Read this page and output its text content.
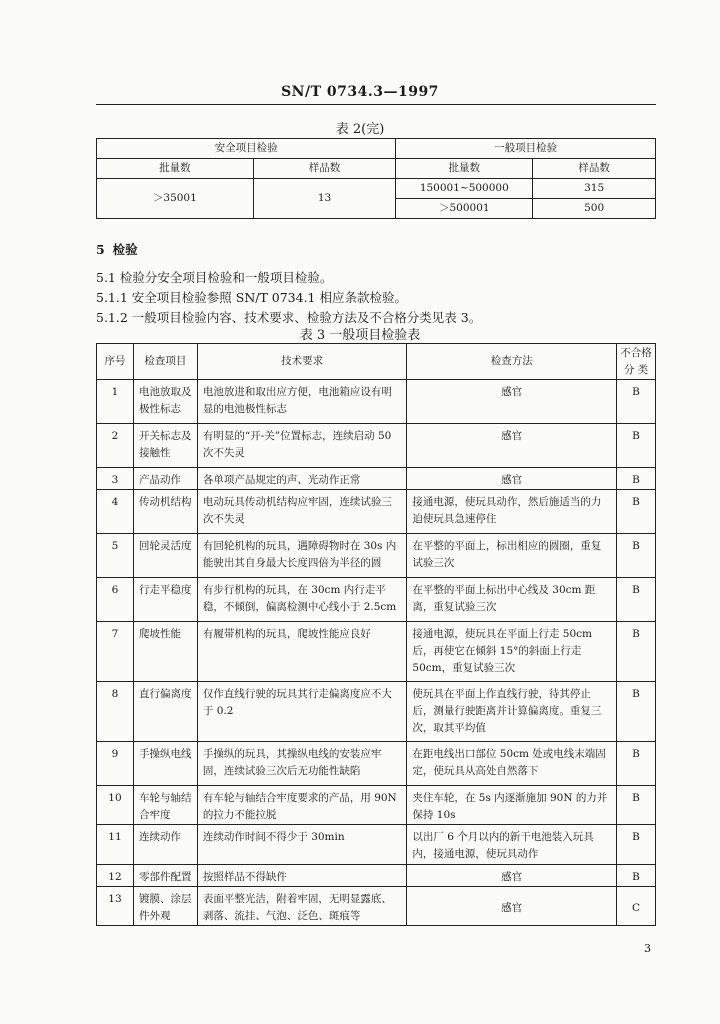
SN/T 0734.3—1997
表 2(完)
安全项目检验		一般项目检验	
批量数	样品数	批量数	样品数
＞35001	13	150001~500000	315
		＞500001	500
5 检验
5.1 检验分安全项目检验和一般项目检验。
5.1.1 安全项目检验参照 SN/T 0734.1 相应条款检验。
5.1.2 一般项目检验内容、技术要求、检验方法及不合格分类见表 3。
表 3 一般项目检验表
序号	检查项目	技术要求	检查方法	不合格分 类
1	电池放取及极性标志	电池放进和取出应方便，电池箱应设有明显的电池极性标志	感官	B
2	开关标志及接触性	有明显的“开-关”位置标志，连续启动 50 次不失灵	感官	B
3	产品动作	各单项产品规定的声、光动作正常	感官	B
4	传动机结构	电动玩具传动机结构应牢固，连续试验三次不失灵	接通电源，使玩具动作，然后施适当的力迫使玩具急速停住	B
5	回轮灵活度	有回轮机构的玩具，遇障碍物时在 30s 内能驶出其自身最大长度四倍为半径的圆	在平整的平面上，标出相应的圆圈，重复试验三次	B
6	行走平稳度	有步行机构的玩具，在 30cm 内行走平稳，不倾倒，偏离检测中心线小于 2.5cm	在平整的平面上标出中心线及 30cm 距离，重复试验三次	B
7	爬坡性能	有履带机构的玩具，爬坡性能应良好	接通电源，使玩具在平面上行走 50cm 后，再使它在倾斜 15°的斜面上行走 50cm，重复试验三次	B
8	直行偏离度	仅作直线行驶的玩具其行走偏离度应不大于 0.2	使玩具在平面上作直线行驶，待其停止后，测量行驶距离并计算偏离度。重复三次，取其平均值	B
9	手操纵电线	手操纵的玩具，其操纵电线的安装应牢固，连续试验三次后无功能性缺陷	在距电线出口部位 50cm 处或电线末端固定，使玩具从高处自然落下	B
10	车轮与轴结合牢度	有车轮与轴结合牢度要求的产品，用 90N 的拉力不能拉脱	夹住车轮，在 5s 内逐渐施加 90N 的力并保持 10s	B
11	连续动作	连续动作时间不得少于 30min	以出厂 6 个月以内的新干电池装入玩具内，接通电源，使玩具动作	B
12	零部件配置	按照样品不得缺件	感官	B
13	镀膜、涂层件外观	表面平整光洁，附着牢固，无明显露底、剥落、流挂、气泡、泛色、斑痕等	感官	C
3
